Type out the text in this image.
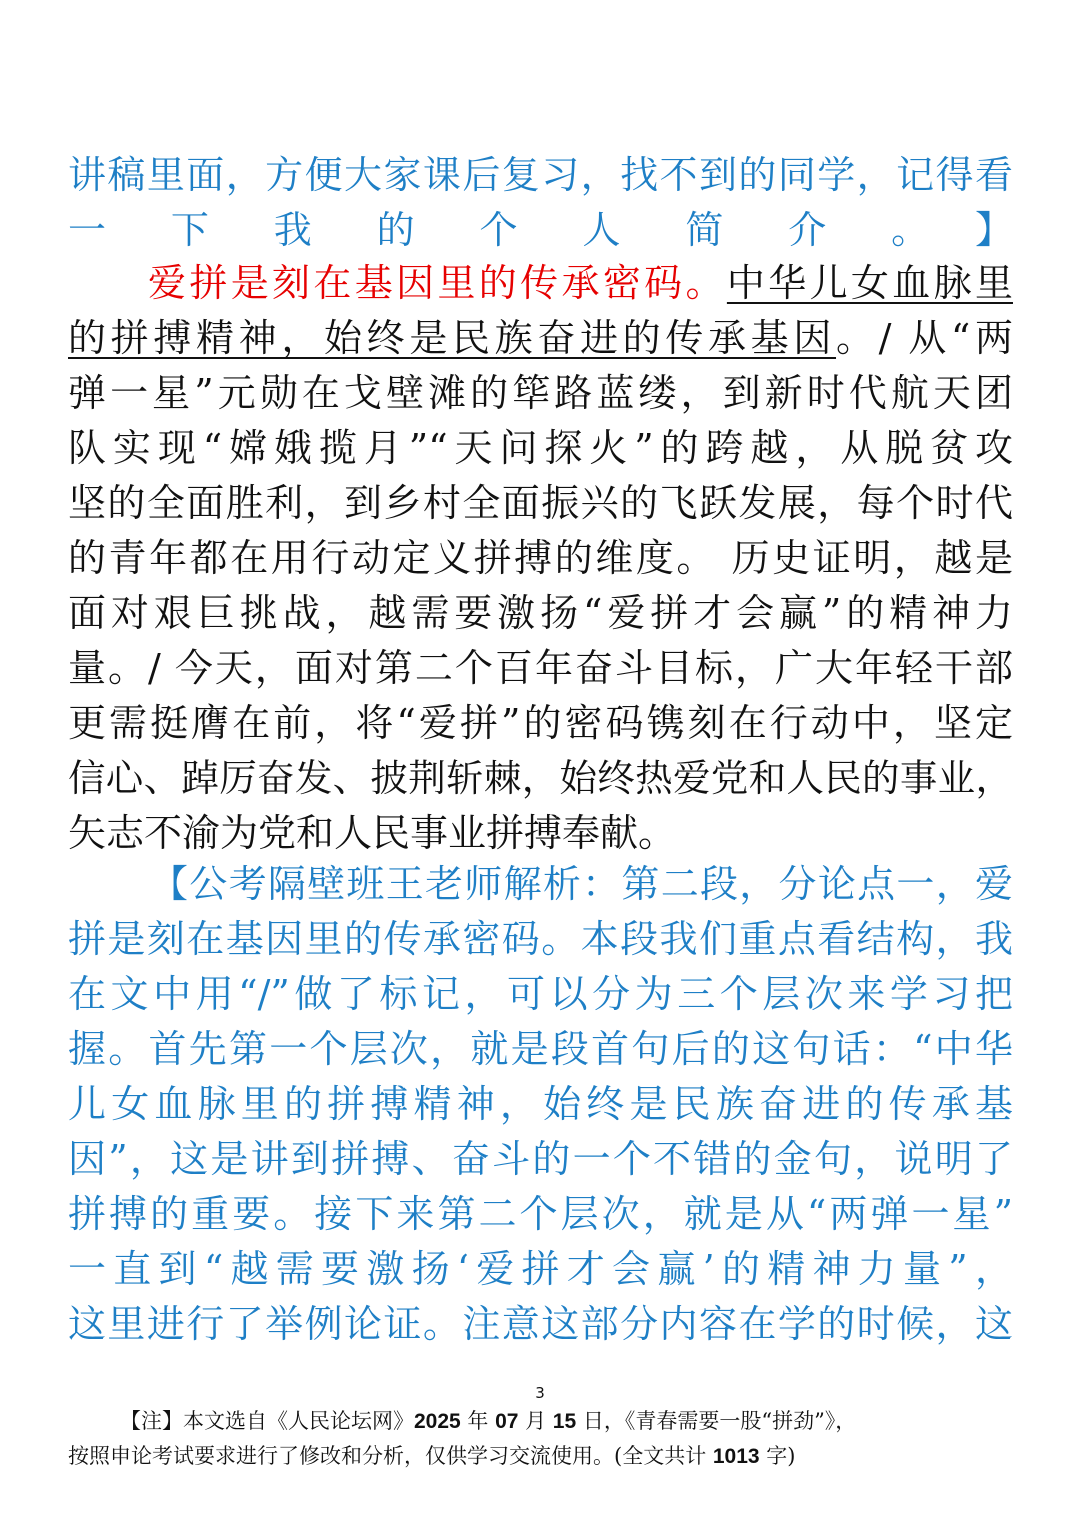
讲稿里面，方便大家课后复习，找不到的同学，记得看
一下我的个人简介。】
爱拼是刻在基因里的传承密码。中华儿女血脉里
的拼搏精神，始终是民族奋进的传承基因。/ 从“两
弹一星”元勋在戈壁滩的筚路蓝缕，到新时代航天团
队实现“嫦娥揽月”“天问探火”的跨越，从脱贫攻
坚的全面胜利，到乡村全面振兴的飞跃发展，每个时代
的青年都在用行动定义拼搏的维度。 历史证明，越是
面对艰巨挑战，越需要激扬“爱拼才会赢”的精神力
量。/ 今天，面对第二个百年奋斗目标，广大年轻干部
更需挺膺在前，将“爱拼”的密码镌刻在行动中，坚定
信心、踔厉奋发、披荆斩棘，始终热爱党和人民的事业，
矢志不渝为党和人民事业拼搏奉献。
【公考隔壁班王老师解析：第二段，分论点一，爱
拼是刻在基因里的传承密码。本段我们重点看结构，我
在文中用“/”做了标记，可以分为三个层次来学习把
握。首先第一个层次，就是段首句后的这句话：“中华
儿女血脉里的拼搏精神，始终是民族奋进的传承基
因”，这是讲到拼搏、奋斗的一个不错的金句，说明了
拼搏的重要。接下来第二个层次，就是从“两弹一星”
一直到“越需要激扬‘爱拼才会赢’的精神力量”，
这里进行了举例论证。注意这部分内容在学的时候，这
3
【注】本文选自《人民论坛网》2025 年 07 月 15 日，《青春需要一股“拼劲”》，
按照申论考试要求进行了修改和分析，仅供学习交流使用。(全文共计 1013 字)
